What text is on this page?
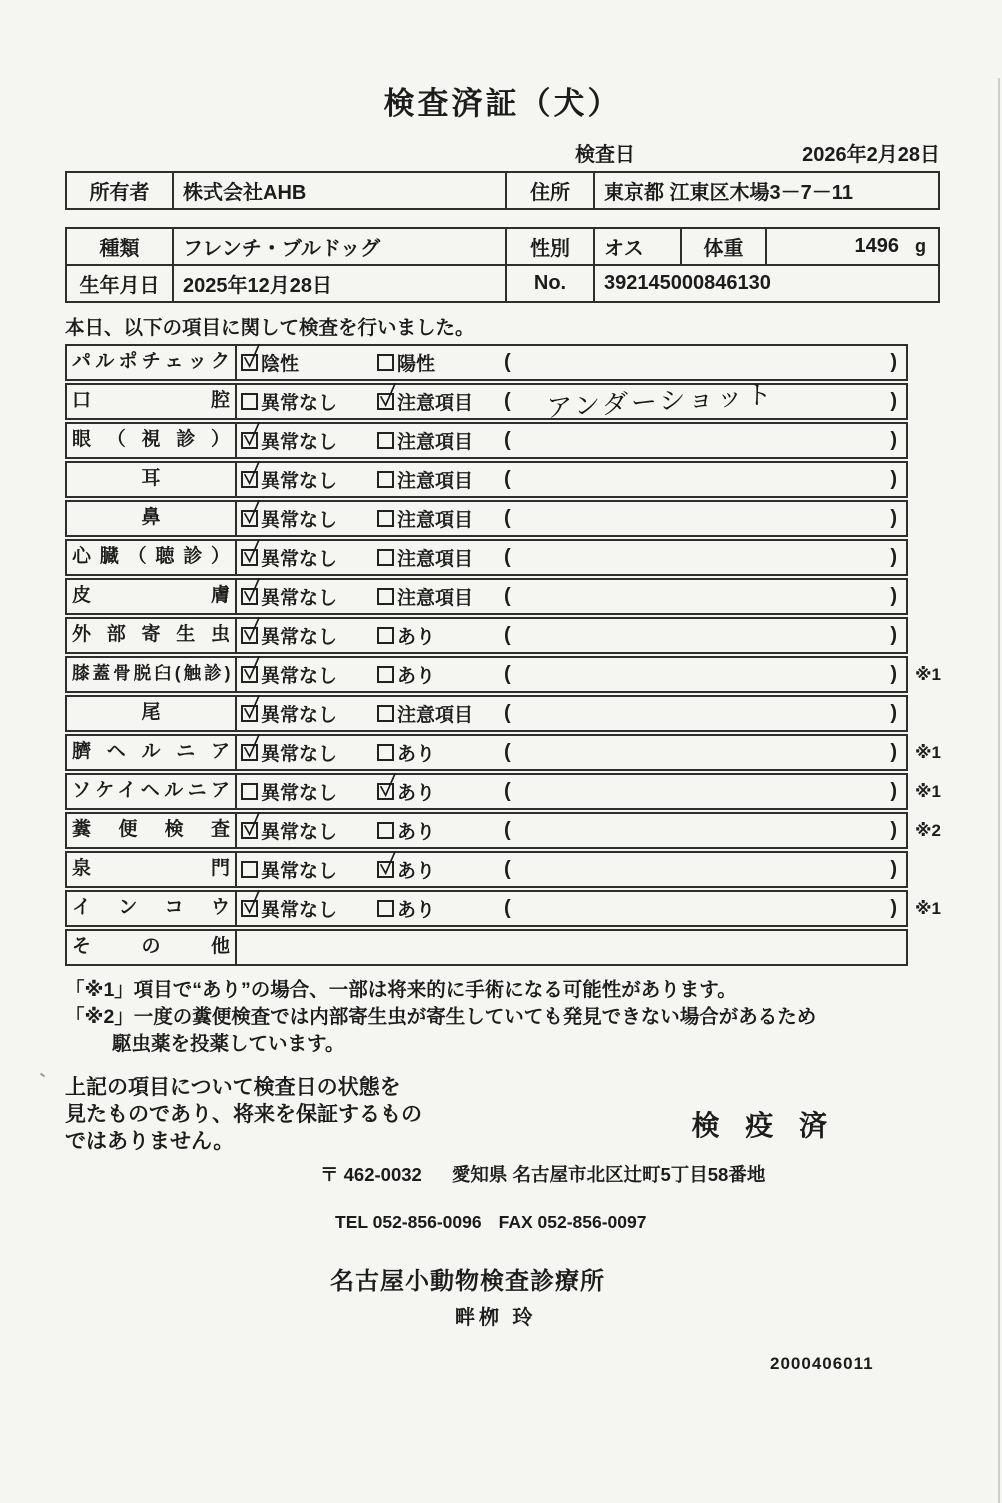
検査済証（犬）
検査日	2026年2月28日
所有者	株式会社AHB	住所	東京都 江東区木場3－7－11
種類	フレンチ・ブルドッグ	性別	オス	体重	1496 g
生年月日	2025年12月28日	No.	392145000846130
本日、以下の項目に関して検査を行いました。
パルポチェック	陰性	陽性	(	)
口腔	異常なし	注意項目 ( アンダーショット	)
眼（視診）	異常なし	注意項目 (	)
耳	異常なし	注意項目 (	)
鼻	異常なし	注意項目 (	)
心臓（聴診）	異常なし	注意項目 (	)
皮膚	異常なし	注意項目 (	)
外部寄生虫	異常なし	あり	(	)
膝蓋骨脱臼(触診)	異常なし	あり	(	)	※1
尾	異常なし	注意項目 (	)
臍ヘルニア	異常なし	あり	(	)	※1
ソケイヘルニア	異常なし	あり	(	)	※1
糞便検査	異常なし	あり	(	)	※2
泉門	異常なし	あり	(	)
インコウ	異常なし	あり	(	)	※1
その他
「※1」項目で“あり”の場合、一部は将来的に手術になる可能性があります。
「※2」一度の糞便検査では内部寄生虫が寄生していても発見できない場合があるため
駆虫薬を投薬しています。
上記の項目について検査日の状態を
見たものであり、将来を保証するもの
ではありません。
検 疫 済
〒 462-0032 愛知県 名古屋市北区辻町5丁目58番地
TEL 052-856-0096 FAX 052-856-0097
名古屋小動物検査診療所
畔栁 玲
2000406011
